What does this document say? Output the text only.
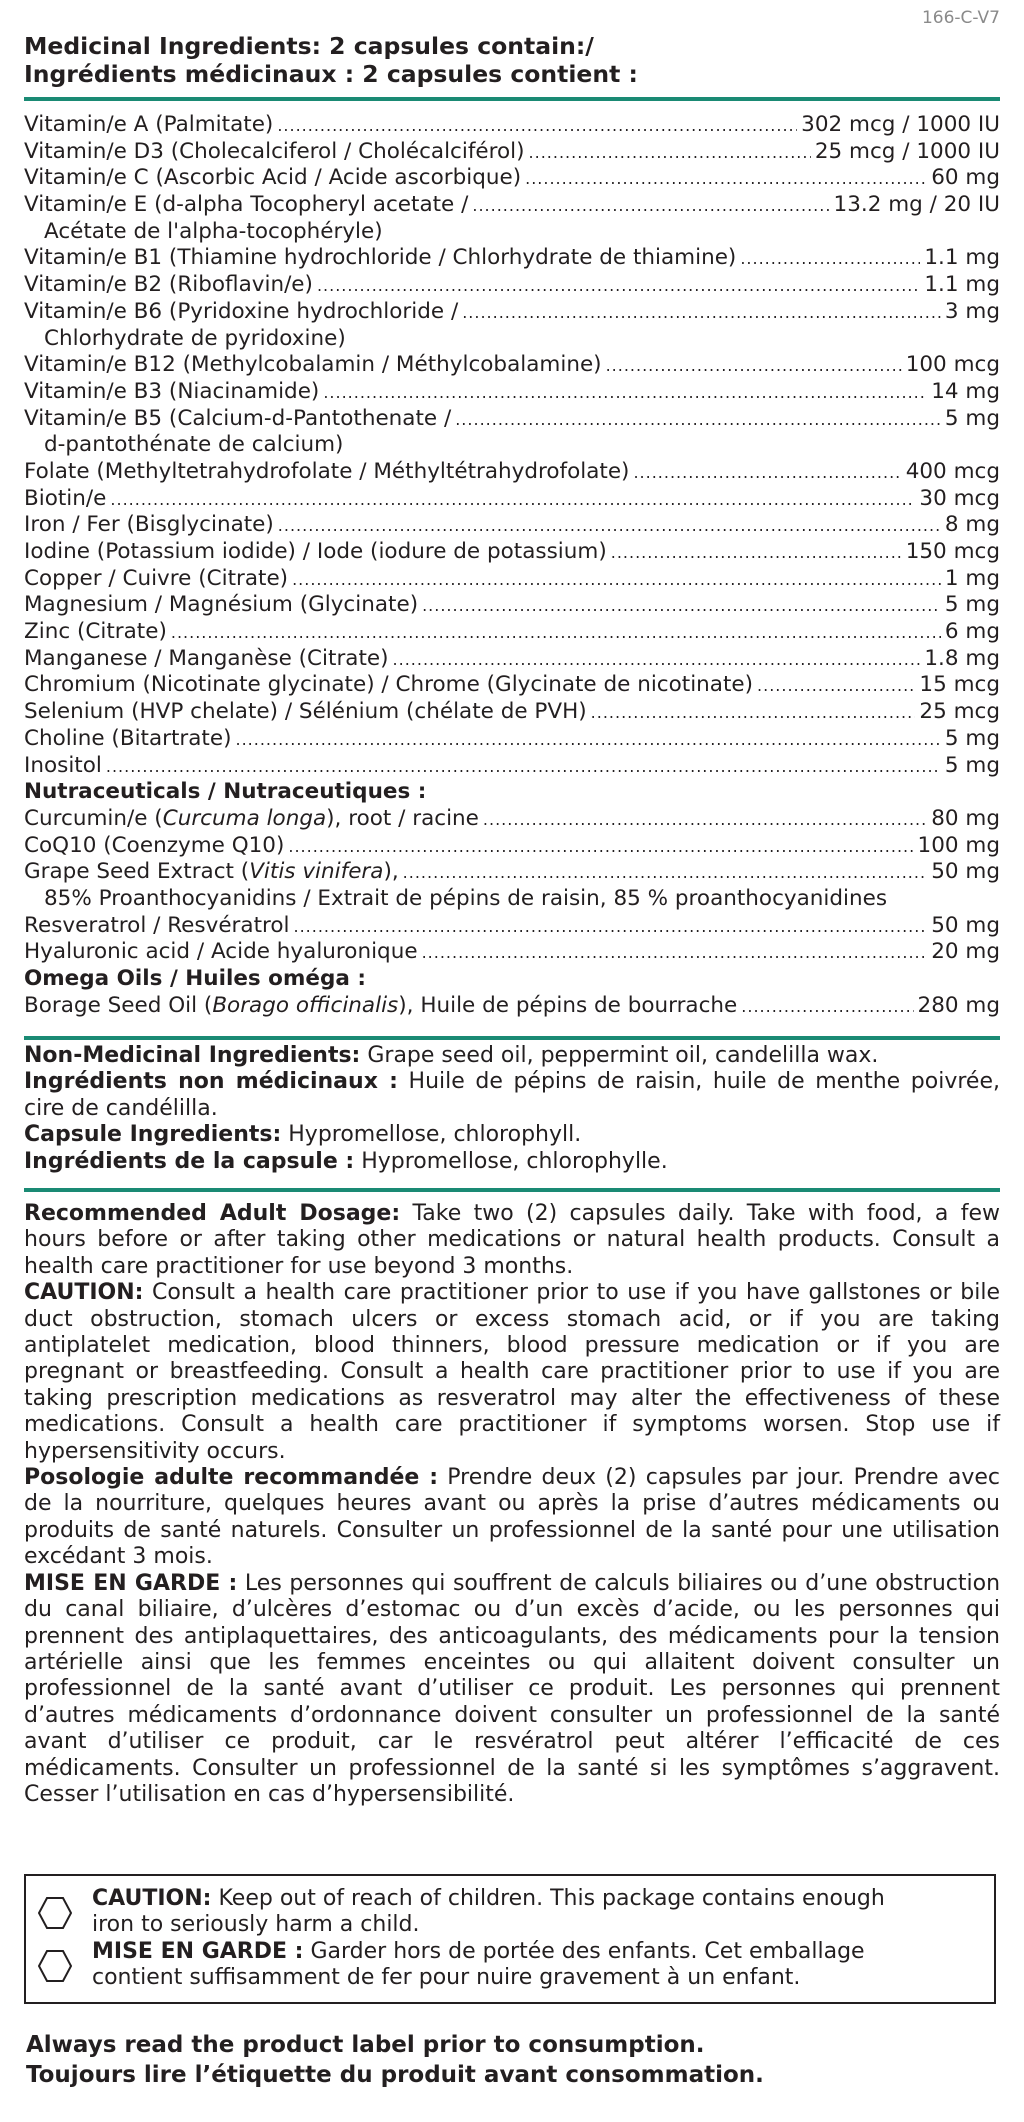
166-C-V7
Medicinal Ingredients: 2 capsules contain:/
Ingrédients médicinaux : 2 capsules contient :
Vitamin/e A (Palmitate) .....	302 mcg / 1000 IU
Vitamin/e D3 (Cholecalciferol / Cholécalciférol) .....	25 mcg / 1000 IU
Vitamin/e C (Ascorbic Acid / Acide ascorbique) .....	60 mg
Vitamin/e E (d-alpha Tocopheryl acetate / .....	13.2 mg / 20 IU
Acétate de l'alpha-tocophéryle)
Vitamin/e B1 (Thiamine hydrochloride / Chlorhydrate de thiamine) .....	1.1 mg
Vitamin/e B2 (Riboflavin/e) .....	1.1 mg
Vitamin/e B6 (Pyridoxine hydrochloride / .....	3 mg
Chlorhydrate de pyridoxine)
Vitamin/e B12 (Methylcobalamin / Méthylcobalamine) .....	100 mcg
Vitamin/e B3 (Niacinamide) .....	14 mg
Vitamin/e B5 (Calcium-d-Pantothenate / .....	5 mg
d-pantothénate de calcium)
Folate (Methyltetrahydrofolate / Méthyltétrahydrofolate) .....	400 mcg
Biotin/e .....	30 mcg
Iron / Fer (Bisglycinate) .....	8 mg
Iodine (Potassium iodide) / Iode (iodure de potassium) .....	150 mcg
Copper / Cuivre (Citrate) .....	1 mg
Magnesium / Magnésium (Glycinate) .....	5 mg
Zinc (Citrate) .....	6 mg
Manganese / Manganèse (Citrate) .....	1.8 mg
Chromium (Nicotinate glycinate) / Chrome (Glycinate de nicotinate) .....	15 mcg
Selenium (HVP chelate) / Sélénium (chélate de PVH) .....	25 mcg
Choline (Bitartrate) .....	5 mg
Inositol .....	5 mg
Nutraceuticals / Nutraceutiques :
Curcumin/e (Curcuma longa), root / racine .....	80 mg
CoQ10 (Coenzyme Q10) .....	100 mg
Grape Seed Extract (Vitis vinifera), .....	50 mg
85% Proanthocyanidins / Extrait de pépins de raisin, 85 % proanthocyanidines
Resveratrol / Resvératrol .....	50 mg
Hyaluronic acid / Acide hyaluronique .....	20 mg
Omega Oils / Huiles oméga :
Borage Seed Oil (Borago officinalis), Huile de pépins de bourrache .....	280 mg

Non-Medicinal Ingredients: Grape seed oil, peppermint oil, candelilla wax.

Ingrédients non médicinaux : Huile de pépins de raisin, huile de menthe poivrée, cire de candélilla.

Capsule Ingredients: Hypromellose, chlorophyll.

Ingrédients de la capsule : Hypromellose, chlorophylle.

Recommended Adult Dosage: Take two (2) capsules daily. Take with food, a few hours before or after taking other medications or natural health products. Consult a health care practitioner for use beyond 3 months.

CAUTION: Consult a health care practitioner prior to use if you have gallstones or bile duct obstruction, stomach ulcers or excess stomach acid, or if you are taking antiplatelet medication, blood thinners, blood pressure medication or if you are pregnant or breastfeeding. Consult a health care practitioner prior to use if you are taking prescription medications as resveratrol may alter the effectiveness of these medications. Consult a health care practitioner if symptoms worsen. Stop use if hypersensitivity occurs.

Posologie adulte recommandée : Prendre deux (2) capsules par jour. Prendre avec de la nourriture, quelques heures avant ou après la prise d’autres médicaments ou produits de santé naturels. Consulter un professionnel de la santé pour une utilisation excédant 3 mois.

MISE EN GARDE : Les personnes qui souffrent de calculs biliaires ou d’une obstruction du canal biliaire, d’ulcères d’estomac ou d’un excès d’acide, ou les personnes qui prennent des antiplaquettaires, des anticoagulants, des médicaments pour la tension artérielle ainsi que les femmes enceintes ou qui allaitent doivent consulter un professionnel de la santé avant d’utiliser ce produit. Les personnes qui prennent d’autres médicaments d’ordonnance doivent consulter un professionnel de la santé avant d’utiliser ce produit, car le resvératrol peut altérer l’efficacité de ces médicaments. Consulter un professionnel de la santé si les symptômes s’aggravent. Cesser l’utilisation en cas d’hypersensibilité.

CAUTION: Keep out of reach of children. This package contains enough
iron to seriously harm a child.
MISE EN GARDE : Garder hors de portée des enfants. Cet emballage
contient suffisamment de fer pour nuire gravement à un enfant.
Always read the product label prior to consumption.
Toujours lire l’étiquette du produit avant consommation.
